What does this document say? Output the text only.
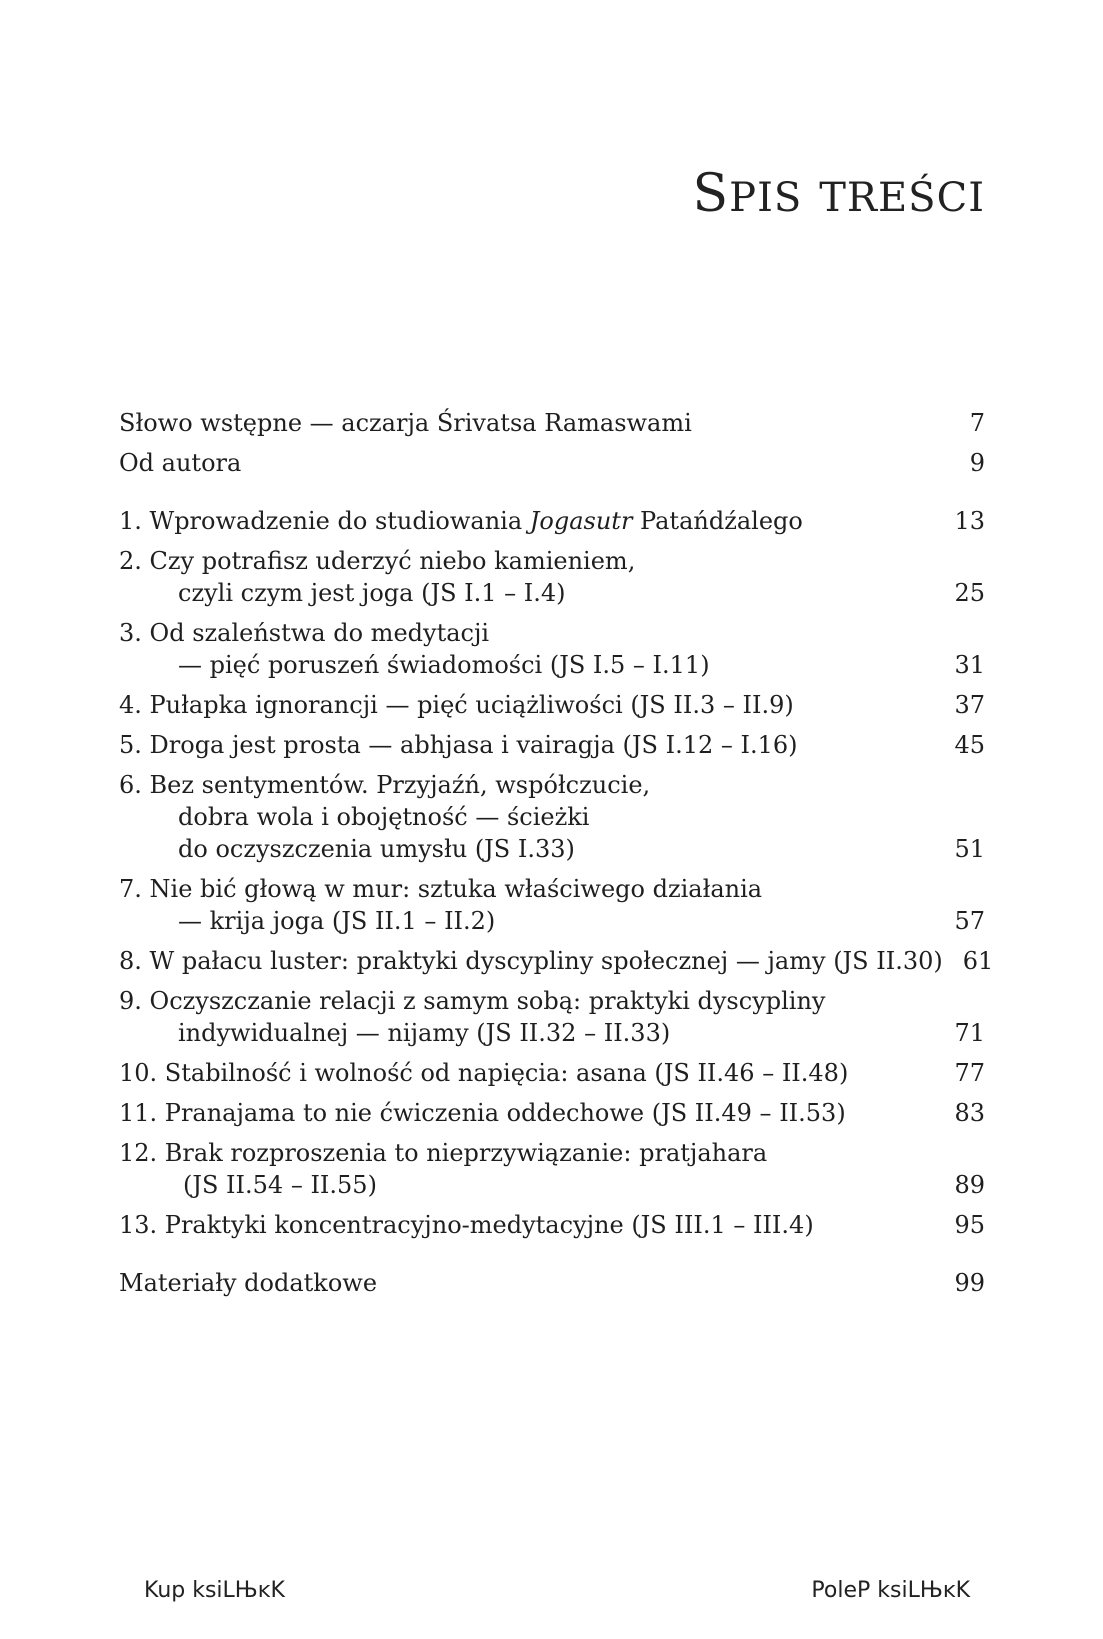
SPIS TREŚCI
Słowo wstępne — aczarja Śrivatsa Ramaswami	7
Od autora	9
1. Wprowadzenie do studiowania Jogasutr Patańdźalego	13
2. Czy potrafisz uderzyć niebo kamieniem,
czyli czym jest joga (JS I.1 – I.4)	25
3. Od szaleństwa do medytacji
— pięć poruszeń świadomości (JS I.5 – I.11)	31
4. Pułapka ignorancji — pięć uciążliwości (JS II.3 – II.9)	37
5. Droga jest prosta — abhjasa i vairagja (JS I.12 – I.16)	45
6. Bez sentymentów. Przyjaźń, współczucie,
dobra wola i obojętność — ścieżki
do oczyszczenia umysłu (JS I.33)	51
7. Nie bić głową w mur: sztuka właściwego działania
— krija joga (JS II.1 – II.2)	57
8. W pałacu luster: praktyki dyscypliny społecznej — jamy (JS II.30) 61
9. Oczyszczanie relacji z samym sobą: praktyki dyscypliny
indywidualnej — nijamy (JS II.32 – II.33)	71
10. Stabilność i wolność od napięcia: asana (JS II.46 – II.48)	77
11. Pranajama to nie ćwiczenia oddechowe (JS II.49 – II.53)	83
12. Brak rozproszenia to nieprzywiązanie: pratjahara
(JS II.54 – II.55)	89
13. Praktyki koncentracyjno-medytacyjne (JS III.1 – III.4)	95
Materiały dodatkowe	99
Kup ksiLЊĸK	PoleP ksiLЊĸK
